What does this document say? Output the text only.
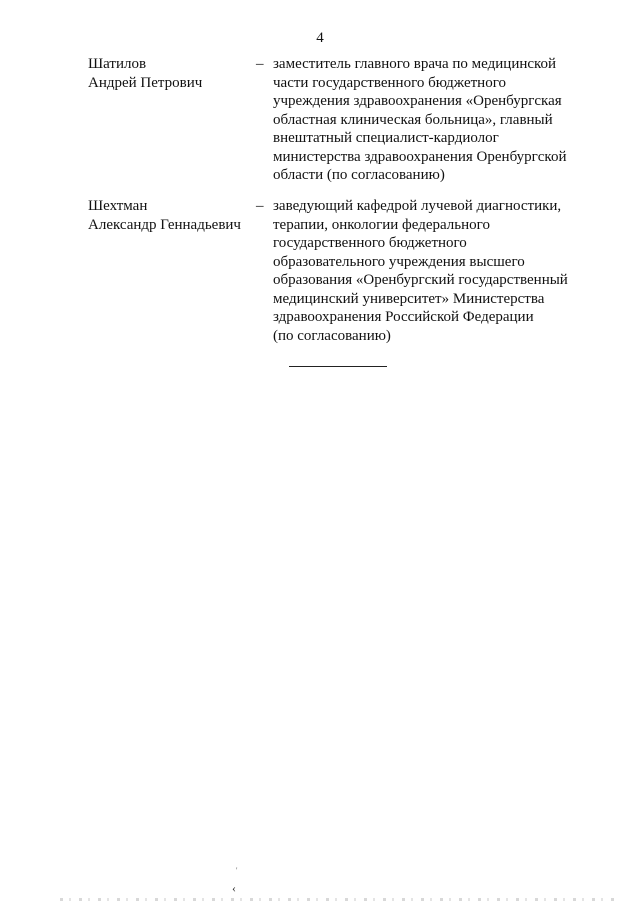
4
Шатилов
Андрей Петрович
– заместитель главного врача по медицинской
части государственного бюджетного
учреждения здравоохранения «Оренбургская
областная клиническая больница», главный
внештатный специалист-кардиолог
министерства здравоохранения Оренбургской
области (по согласованию)
Шехтман
Александр Геннадьевич
– заведующий кафедрой лучевой диагностики,
терапии, онкологии федерального
государственного бюджетного
образовательного учреждения высшего
образования «Оренбургский государственный
медицинский университет» Министерства
здравоохранения Российской Федерации
(по согласованию)
'
‹
